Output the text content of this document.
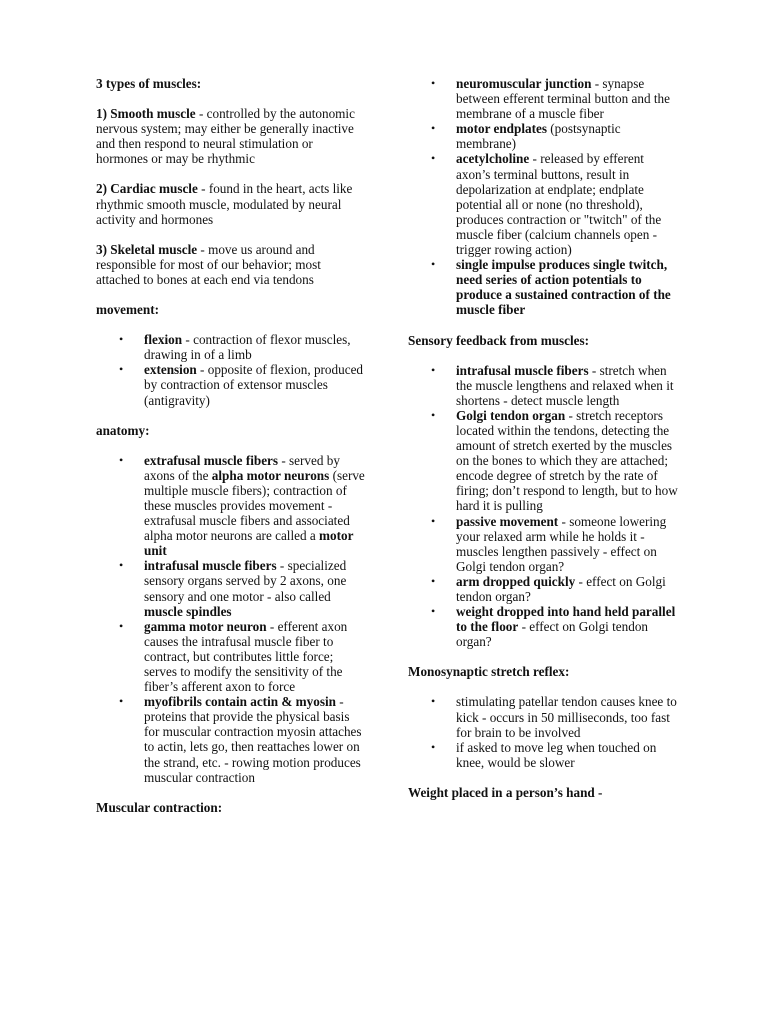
3 types of muscles:

1) Smooth muscle - controlled by the autonomic nervous system; may either be generally inactive and then respond to neural stimulation or hormones or may be rhythmic

2) Cardiac muscle - found in the heart, acts like rhythmic smooth muscle, modulated by neural activity and hormones

3) Skeletal muscle - move us around and responsible for most of our behavior; most attached to bones at each end via tendons

movement:

• flexion - contraction of flexor muscles, drawing in of a limb
• extension - opposite of flexion, produced by contraction of extensor muscles (antigravity)

anatomy:

• extrafusal muscle fibers - served by axons of the alpha motor neurons (serve multiple muscle fibers); contraction of these muscles provides movement - extrafusal muscle fibers and associated alpha motor neurons are called a motor unit
• intrafusal muscle fibers - specialized sensory organs served by 2 axons, one sensory and one motor - also called muscle spindles
• gamma motor neuron - efferent axon causes the intrafusal muscle fiber to contract, but contributes little force; serves to modify the sensitivity of the fiber’s afferent axon to force
• myofibrils contain actin & myosin - proteins that provide the physical basis for muscular contraction myosin attaches to actin, lets go, then reattaches lower on the strand, etc. - rowing motion produces muscular contraction

Muscular contraction:

• neuromuscular junction - synapse between efferent terminal button and the membrane of a muscle fiber
• motor endplates (postsynaptic membrane)
• acetylcholine - released by efferent axon’s terminal buttons, result in depolarization at endplate; endplate potential all or none (no threshold), produces contraction or "twitch" of the muscle fiber (calcium channels open - trigger rowing action)
• single impulse produces single twitch, need series of action potentials to produce a sustained contraction of the muscle fiber

Sensory feedback from muscles:

• intrafusal muscle fibers - stretch when the muscle lengthens and relaxed when it shortens - detect muscle length
• Golgi tendon organ - stretch receptors located within the tendons, detecting the amount of stretch exerted by the muscles on the bones to which they are attached; encode degree of stretch by the rate of firing; don’t respond to length, but to how hard it is pulling
• passive movement - someone lowering your relaxed arm while he holds it - muscles lengthen passively - effect on Golgi tendon organ?
• arm dropped quickly - effect on Golgi tendon organ?
• weight dropped into hand held parallel to the floor - effect on Golgi tendon organ?

Monosynaptic stretch reflex:

• stimulating patellar tendon causes knee to kick - occurs in 50 milliseconds, too fast for brain to be involved
• if asked to move leg when touched on knee, would be slower

Weight placed in a person’s hand -
